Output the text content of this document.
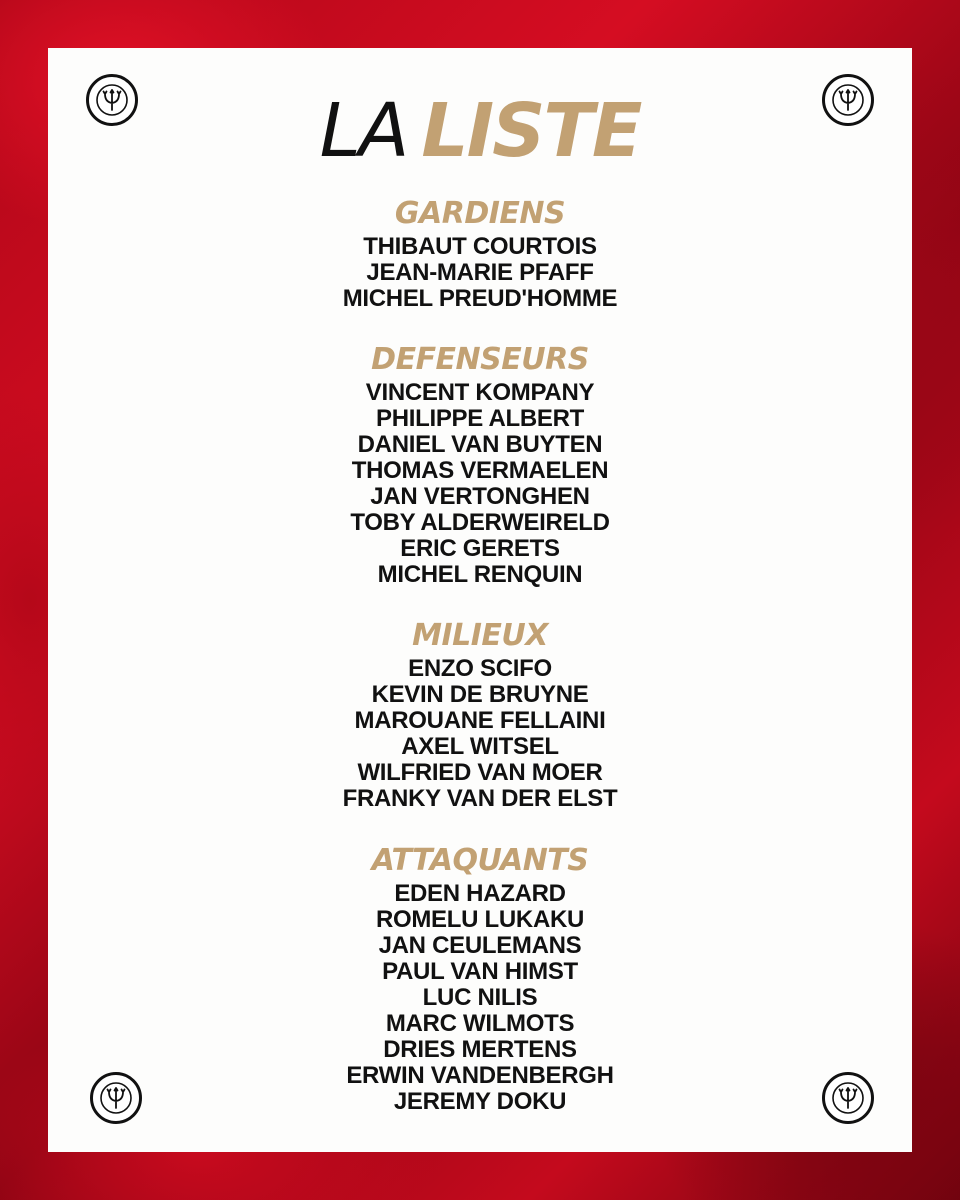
LA LISTE
GARDIENS
THIBAUT COURTOIS
JEAN-MARIE PFAFF
MICHEL PREUD'HOMME
DEFENSEURS
VINCENT KOMPANY
PHILIPPE ALBERT
DANIEL VAN BUYTEN
THOMAS VERMAELEN
JAN VERTONGHEN
TOBY ALDERWEIRELD
ERIC GERETS
MICHEL RENQUIN
MILIEUX
ENZO SCIFO
KEVIN DE BRUYNE
MAROUANE FELLAINI
AXEL WITSEL
WILFRIED VAN MOER
FRANKY VAN DER ELST
ATTAQUANTS
EDEN HAZARD
ROMELU LUKAKU
JAN CEULEMANS
PAUL VAN HIMST
LUC NILIS
MARC WILMOTS
DRIES MERTENS
ERWIN VANDENBERGH
JEREMY DOKU
